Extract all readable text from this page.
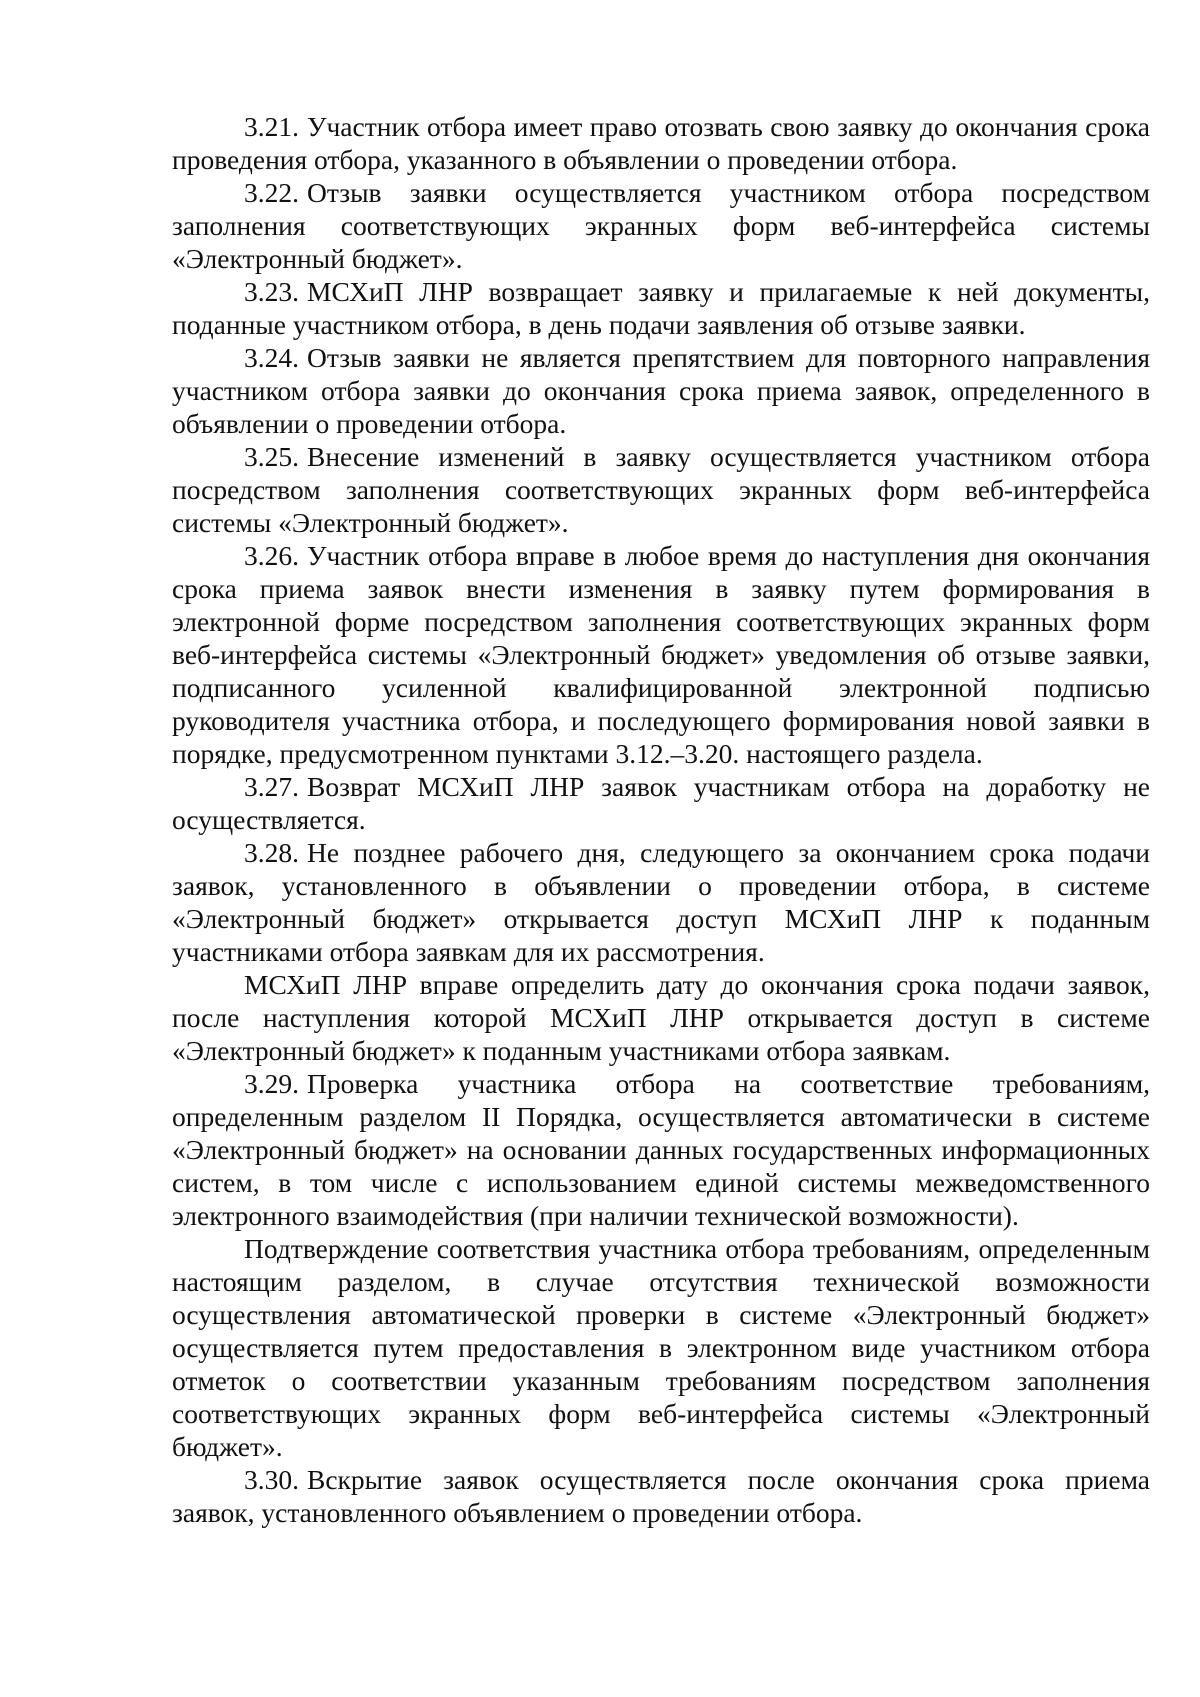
3.21. Участник отбора имеет право отозвать свою заявку до окончания срока проведения отбора, указанного в объявлении о проведении отбора.

3.22. Отзыв заявки осуществляется участником отбора посредством заполнения соответствующих экранных форм веб-интерфейса системы «Электронный бюджет».

3.23. МСХиП ЛНР возвращает заявку и прилагаемые к ней документы, поданные участником отбора, в день подачи заявления об отзыве заявки.

3.24. Отзыв заявки не является препятствием для повторного направления участником отбора заявки до окончания срока приема заявок, определенного в объявлении о проведении отбора.

3.25. Внесение изменений в заявку осуществляется участником отбора посредством заполнения соответствующих экранных форм веб-интерфейса системы «Электронный бюджет».

3.26. Участник отбора вправе в любое время до наступления дня окончания срока приема заявок внести изменения в заявку путем формирования в электронной форме посредством заполнения соответствующих экранных форм веб-интерфейса системы «Электронный бюджет» уведомления об отзыве заявки, подписанного усиленной квалифицированной электронной подписью руководителя участника отбора, и последующего формирования новой заявки в порядке, предусмотренном пунктами 3.12.–3.20. настоящего раздела.

3.27. Возврат МСХиП ЛНР заявок участникам отбора на доработку не осуществляется.

3.28. Не позднее рабочего дня, следующего за окончанием срока подачи заявок, установленного в объявлении о проведении отбора, в системе «Электронный бюджет» открывается доступ МСХиП ЛНР к поданным участниками отбора заявкам для их рассмотрения.

МСХиП ЛНР вправе определить дату до окончания срока подачи заявок, после наступления которой МСХиП ЛНР открывается доступ в системе «Электронный бюджет» к поданным участниками отбора заявкам.

3.29. Проверка участника отбора на соответствие требованиям, определенным разделом II Порядка, осуществляется автоматически в системе «Электронный бюджет» на основании данных государственных информационных систем, в том числе с использованием единой системы межведомственного электронного взаимодействия (при наличии технической возможности).

Подтверждение соответствия участника отбора требованиям, определенным настоящим разделом, в случае отсутствия технической возможности осуществления автоматической проверки в системе «Электронный бюджет» осуществляется путем предоставления в электронном виде участником отбора отметок о соответствии указанным требованиям посредством заполнения соответствующих экранных форм веб-интерфейса системы «Электронный бюджет».

3.30. Вскрытие заявок осуществляется после окончания срока приема заявок, установленного объявлением о проведении отбора.
